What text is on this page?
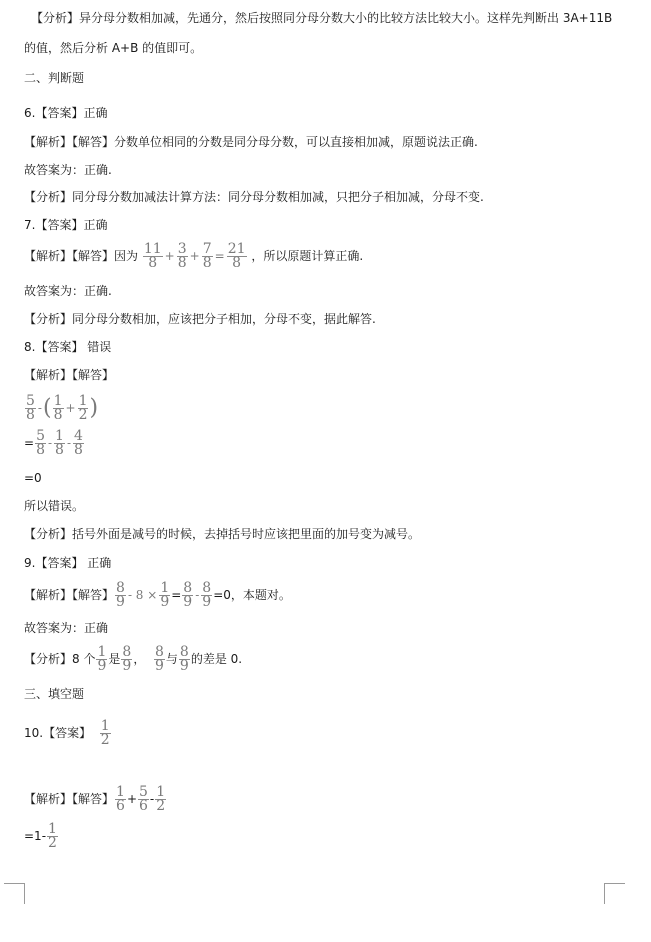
【分析】异分母分数相加减，先通分，然后按照同分母分数大小的比较方法比较大小。这样先判断出 3A+11B
的值，然后分析 A+B 的值即可。
二、判断题
6.【答案】正确
【解析】【解答】分数单位相同的分数是同分母分数，可以直接相加减，原题说法正确.
故答案为：正确.
【分析】同分母分数加减法计算方法：同分母分数相加减，只把分子相加减，分母不变.
7.【答案】正确
【解析】【解答】因为 $\frac{11}{8} + \frac{3}{8} + \frac{7}{8} = \frac{21}{8}$ ，所以原题计算正确.
故答案为：正确.
【分析】同分母分数相加，应该把分子相加，分母不变，据此解答.
8.【答案】 错误
【解析】【解答】
$\frac{5}{8}$ -( $\frac{1}{8} + \frac{1}{2}$ )
= $\frac{5}{8} - \frac{1}{8} - \frac{4}{8}$
=0
所以错误。
【分析】括号外面是减号的时候，去掉括号时应该把里面的加号变为减号。
9.【答案】 正确
【解析】【解答】 $\frac{8}{9} - 8 \times \frac{1}{9} = \frac{8}{9} - \frac{8}{9} =0$，本题对。
故答案为：正确
【分析】8 个 $\frac{1}{9}$ 是 $\frac{8}{9}$ ， $\frac{8}{9}$ 与 $\frac{8}{9}$ 的差是 0.
三、填空题
10.【答案】 $\frac{1}{2}$
【解析】【解答】 $\frac{1}{6} + \frac{5}{6} - \frac{1}{2}$
$=1- \frac{1}{2}$
